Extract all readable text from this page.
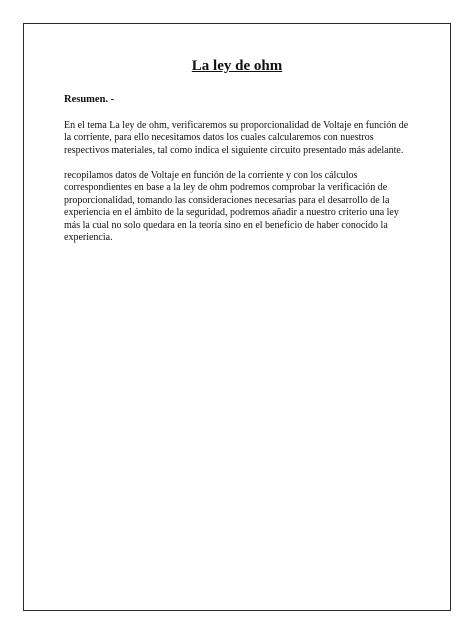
La ley de ohm

Resumen. -

En el tema La ley de ohm, verificaremos su proporcionalidad de Voltaje en función de la corriente, para ello necesitamos datos los cuales calcularemos con nuestros respectivos materiales, tal como indica el siguiente circuito presentado más adelante.

recopilamos datos de Voltaje en función de la corriente y con los cálculos correspondientes en base a la ley de ohm podremos comprobar la verificación de proporcionalidad, tomando las consideraciones necesarias para el desarrollo de la experiencia en el ámbito de la seguridad, podremos añadir a nuestro criterio una ley más la cual no solo quedara en la teoría sino en el beneficio de haber conocido la experiencia.
